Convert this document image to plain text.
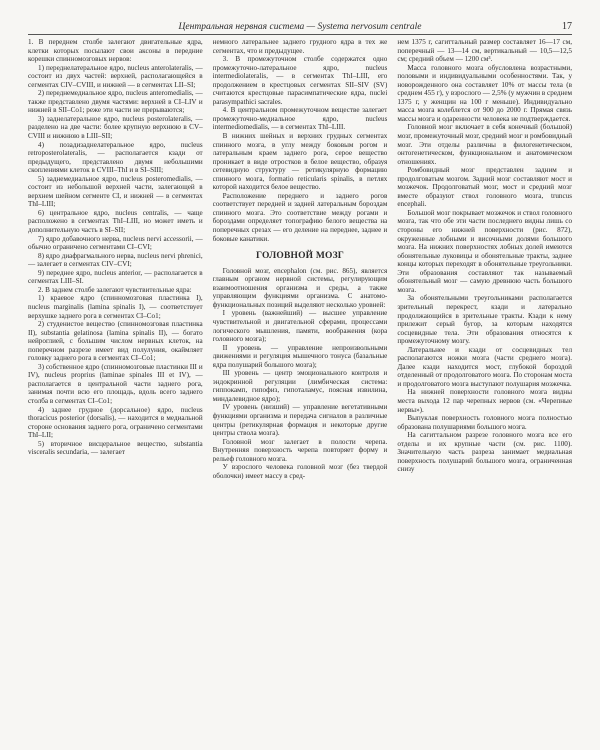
Центральная нервная система — Systema nervosum centrale	17

1. В переднем столбе залегают двигательные ядра, клетки которых посылают свои аксоны в передние корешки спинномозговых нервов:

1) переднелатеральное ядро, nucleus anterolateralis, — состоит из двух частей: верхней, располагающейся в сегментах CIV–CVIII, и нижней — в сегментах LII–SI;

2) переднемедиальное ядро, nucleus anteromedialis, — также представлено двумя частями: верхней в CI–LIV и нижней в SII–Co1; реже эти части не прерываются;

3) заднелатеральное ядро, nucleus posterolateralis, — разделено на две части: более крупную верхнюю в CV–CVIII и нижнюю в LIII–SII;

4) позадизаднелатеральное ядро, nucleus retroposterolateralis, — располагается кзади от предыдущего, представлено двумя небольшими скоплениями клеток в CVIII–ThI и в SI–SIII;

5) заднемедиальное ядро, nucleus posteromedialis, — состоит из небольшой верхней части, залегающей в верхнем шейном сегменте CI, и нижней — в сегментах ThI–LIII;

6) центральное ядро, nucleus centralis, — чаще расположено в сегментах ThI–LIII, но может иметь и дополнительную часть в SI–SII;

7) ядро добавочного нерва, nucleus nervi accessorii, — обычно ограничено сегментами CI–CVI;

8) ядро диафрагмального нерва, nucleus nervi phrenici, — залегает в сегментах CIV–CVI;

9) переднее ядро, nucleus anterior, — располагается в сегментах LIII–SI.

2. В заднем столбе залегают чувствительные ядра:

1) краевое ядро (спинномозговая пластинка I), nucleus marginalis (lamina spinalis I), — соответствует верхушке заднего рога в сегментах CI–Co1;

2) студенистое вещество (спинномозговая пластинка II), substantia gelatinosa (lamina spinalis II), — богато нейроглией, с большим числом нервных клеток, на поперечном разрезе имеет вид полулуния, окаймляет головку заднего рога в сегментах CI–Co1;

3) собственное ядро (спинномозговые пластинки III и IV), nucleus proprius (laminae spinales III et IV), — располагается в центральной части заднего рога, занимая почти всю его площадь, вдоль всего заднего столба в сегментах CI–Co1;

4) заднее грудное (дорсальное) ядро, nucleus thoracicus posterior (dorsalis), — находится в медиальной стороне основания заднего рога, ограничено сегментами ThI–LII;

5) вторичное висцеральное вещество, substantia visceralis secundaria, — залегает

немного латеральнее заднего грудного ядра в тех же сегментах, что и предыдущее.

3. В промежуточном столбе содержатся одно промежуточно-латеральное ядро, nucleus intermediolateralis, — в сегментах ThI–LIII, его продолжением в крестцовых сегментах SII–SIV (SV) считаются крестцовые парасимпатические ядра, nuclei parasympathici sacrales.

4. В центральном промежуточном веществе залегает промежуточно-медиальное ядро, nucleus intermediomedialis, — в сегментах ThI–LIII.

В нижних шейных и верхних грудных сегментах спинного мозга, в углу между боковым рогом и латеральным краем заднего рога, серое вещество проникает в виде отростков в белое вещество, образуя сетевидную структуру — ретикулярную формацию спинного мозга, formatio reticularis spinalis, в петлях которой находится белое вещество.

Расположение переднего и заднего рогов соответствует передней и задней латеральным бороздам спинного мозга. Это соответствие между рогами и бороздами определяет топографию белого вещества на поперечных срезах — его деление на переднее, заднее и боковые канатики.

ГОЛОВНОЙ МОЗГ

Головной мозг, encephalon (см. рис. 865), является главным органом нервной системы, регулирующим взаимоотношения организма и среды, а также управляющим функциями организма. С анатомо-функциональных позиций выделяют несколько уровней:

I уровень (важнейший) — высшее управление чувствительной и двигательной сферами, процессами логического мышления, памяти, воображения (кора головного мозга);

II уровень — управление непроизвольными движениями и регуляция мышечного тонуса (базальные ядра полушарий большого мозга);

III уровень — центр эмоционального контроля и эндокринной регуляции (лимбическая система: гиппокамп, гипофиз, гипоталамус, поясная извилина, миндалевидное ядро);

IV уровень (низший) — управление вегетативными функциями организма и передача сигналов в различные центры (ретикулярная формация и некоторые другие центры ствола мозга).

Головной мозг залегает в полости черепа. Внутренняя поверхность черепа повторяет форму и рельеф головного мозга.

У взрослого человека головной мозг (без твердой оболочки) имеет массу в сред-

нем 1375 г, сагиттальный размер составляет 16—17 см, поперечный — 13—14 см, вертикальный — 10,5—12,5 см; средний объем — 1200 см³.

Масса головного мозга обусловлена возрастными, половыми и индивидуальными особенностями. Так, у новорожденного она составляет 10% от массы тела (в среднем 455 г), у взрослого — 2,5% (у мужчин в среднем 1375 г, у женщин на 100 г меньше). Индивидуально масса мозга колеблется от 900 до 2000 г. Прямая связь массы мозга и одаренности человека не подтверждается.

Головной мозг включает в себя конечный (большой) мозг, промежуточный мозг, средний мозг и ромбовидный мозг. Эти отделы различны в филогенетическом, онтогенетическом, функциональном и анатомическом отношениях.

Ромбовидный мозг представлен задним и продолговатым мозгом. Задний мозг составляют мост и мозжечок. Продолговатый мозг, мост и средний мозг вместе образуют ствол головного мозга, truncus encephali.

Большой мозг покрывает мозжечок и ствол головного мозга, так что обе эти части последнего видны лишь со стороны его нижней поверхности (рис. 872), окруженные лобными и височными долями большого мозга. На нижних поверхностях лобных долей имеются обонятельные луковицы и обонятельные тракты, заднее концы которых переходят в обонятельные треугольники. Эти образования составляют так называемый обонятельный мозг — самую древнюю часть большого мозга.

За обонятельными треугольниками располагается зрительный перекрест, кзади и латерально продолжающийся в зрительные тракты. Кзади к нему прилежит серый бугор, за которым находятся сосцевидные тела. Эти образования относятся к промежуточному мозгу.

Латеральнее и кзади от сосцевидных тел располагаются ножки мозга (части среднего мозга). Далее кзади находится мост, глубокой бороздой отделенный от продолговатого мозга. По сторонам моста и продолговатого мозга выступают полушария мозжечка.

На нижней поверхности головного мозга видны места выхода 12 пар черепных нервов (см. «Черепные нервы»).

Выпуклая поверхность головного мозга полностью образована полушариями большого мозга.

На сагиттальном разрезе головного мозга все его отделы и их крупные части (см. рис. 1100). Значительную часть разреза занимает медиальная поверхность полушарий большого мозга, ограниченная снизу
